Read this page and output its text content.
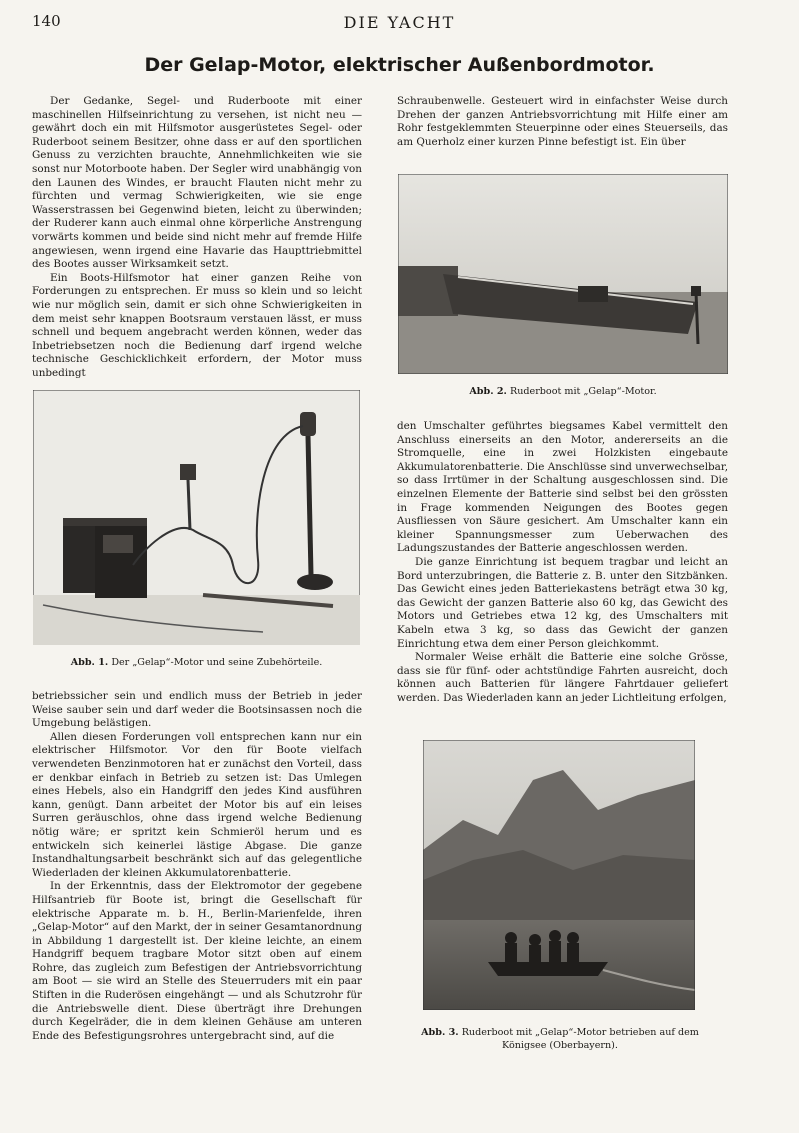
140	DIE YACHT
Der Gelap-Motor, elektrischer Außenbordmotor.

Der Gedanke, Segel- und Ruderboote mit einer maschinellen Hilfseinrichtung zu versehen, ist nicht neu — gewährt doch ein mit Hilfsmotor ausgerüstetes Segel- oder Ruderboot seinem Besitzer, ohne dass er auf den sportlichen Genuss zu verzichten brauchte, Annehmlichkeiten wie sie sonst nur Motorboote haben. Der Segler wird unabhängig von den Launen des Windes, er braucht Flauten nicht mehr zu fürchten und vermag Schwierigkeiten, wie sie enge Wasserstrassen bei Gegenwind bieten, leicht zu überwinden; der Ruderer kann auch einmal ohne körperliche Anstrengung vorwärts kommen und beide sind nicht mehr auf fremde Hilfe angewiesen, wenn irgend eine Havarie das Haupttriebmittel des Bootes ausser Wirksamkeit setzt.

Ein Boots-Hilfsmotor hat einer ganzen Reihe von Forderungen zu entsprechen. Er muss so klein und so leicht wie nur möglich sein, damit er sich ohne Schwierigkeiten in dem meist sehr knappen Bootsraum verstauen lässt, er muss schnell und bequem angebracht werden können, weder das Inbetriebsetzen noch die Bedienung darf irgend welche technische Geschicklichkeit erfordern, der Motor muss unbedingt

Abb. 1. Der „Gelap“-Motor und seine Zubehörteile.

betriebssicher sein und endlich muss der Betrieb in jeder Weise sauber sein und darf weder die Bootsinsassen noch die Umgebung belästigen.

Allen diesen Forderungen voll entsprechen kann nur ein elektrischer Hilfsmotor. Vor den für Boote vielfach verwendeten Benzinmotoren hat er zunächst den Vorteil, dass er denkbar einfach in Betrieb zu setzen ist: Das Umlegen eines Hebels, also ein Handgriff den jedes Kind ausführen kann, genügt. Dann arbeitet der Motor bis auf ein leises Surren geräuschlos, ohne dass irgend welche Bedienung nötig wäre; er spritzt kein Schmieröl herum und es entwickeln sich keinerlei lästige Abgase. Die ganze Instandhaltungsarbeit beschränkt sich auf das gelegentliche Wiederladen der kleinen Akkumulatorenbatterie.

In der Erkenntnis, dass der Elektromotor der gegebene Hilfsantrieb für Boote ist, bringt die Gesellschaft für elektrische Apparate m. b. H., Berlin-Marienfelde, ihren „Gelap-Motor“ auf den Markt, der in seiner Gesamtanordnung in Abbildung 1 dargestellt ist. Der kleine leichte, an einem Handgriff bequem tragbare Motor sitzt oben auf einem Rohre, das zugleich zum Befestigen der Antriebsvorrichtung am Boot — sie wird an Stelle des Steuerruders mit ein paar Stiften in die Ruderösen eingehängt — und als Schutzrohr für die Antriebswelle dient. Diese überträgt ihre Drehungen durch Kegelräder, die in dem kleinen Gehäuse am unteren Ende des Befestigungsrohres untergebracht sind, auf die

Schraubenwelle. Gesteuert wird in einfachster Weise durch Drehen der ganzen Antriebsvorrichtung mit Hilfe einer am Rohr festgeklemmten Steuerpinne oder eines Steuerseils, das am Querholz einer kurzen Pinne befestigt ist. Ein über

Abb. 2. Ruderboot mit „Gelap“-Motor.

den Umschalter geführtes biegsames Kabel vermittelt den Anschluss einerseits an den Motor, andererseits an die Stromquelle, eine in zwei Holzkisten eingebaute Akkumulatorenbatterie. Die Anschlüsse sind unverwechselbar, so dass Irrtümer in der Schaltung ausgeschlossen sind. Die einzelnen Elemente der Batterie sind selbst bei den grössten in Frage kommenden Neigungen des Bootes gegen Ausfliessen von Säure gesichert. Am Umschalter kann ein kleiner Spannungsmesser zum Ueberwachen des Ladungszustandes der Batterie angeschlossen werden.

Die ganze Einrichtung ist bequem tragbar und leicht an Bord unterzubringen, die Batterie z. B. unter den Sitzbänken. Das Gewicht eines jeden Batteriekastens beträgt etwa 30 kg, das Gewicht der ganzen Batterie also 60 kg, das Gewicht des Motors und Getriebes etwa 12 kg, des Umschalters mit Kabeln etwa 3 kg, so dass das Gewicht der ganzen Einrichtung etwa dem einer Person gleichkommt.

Normaler Weise erhält die Batterie eine solche Grösse, dass sie für fünf- oder achtstündige Fahrten ausreicht, doch können auch Batterien für längere Fahrtdauer geliefert werden. Das Wiederladen kann an jeder Lichtleitung erfolgen,

Abb. 3. Ruderboot mit „Gelap“-Motor betrieben auf dem Königsee (Oberbayern).
